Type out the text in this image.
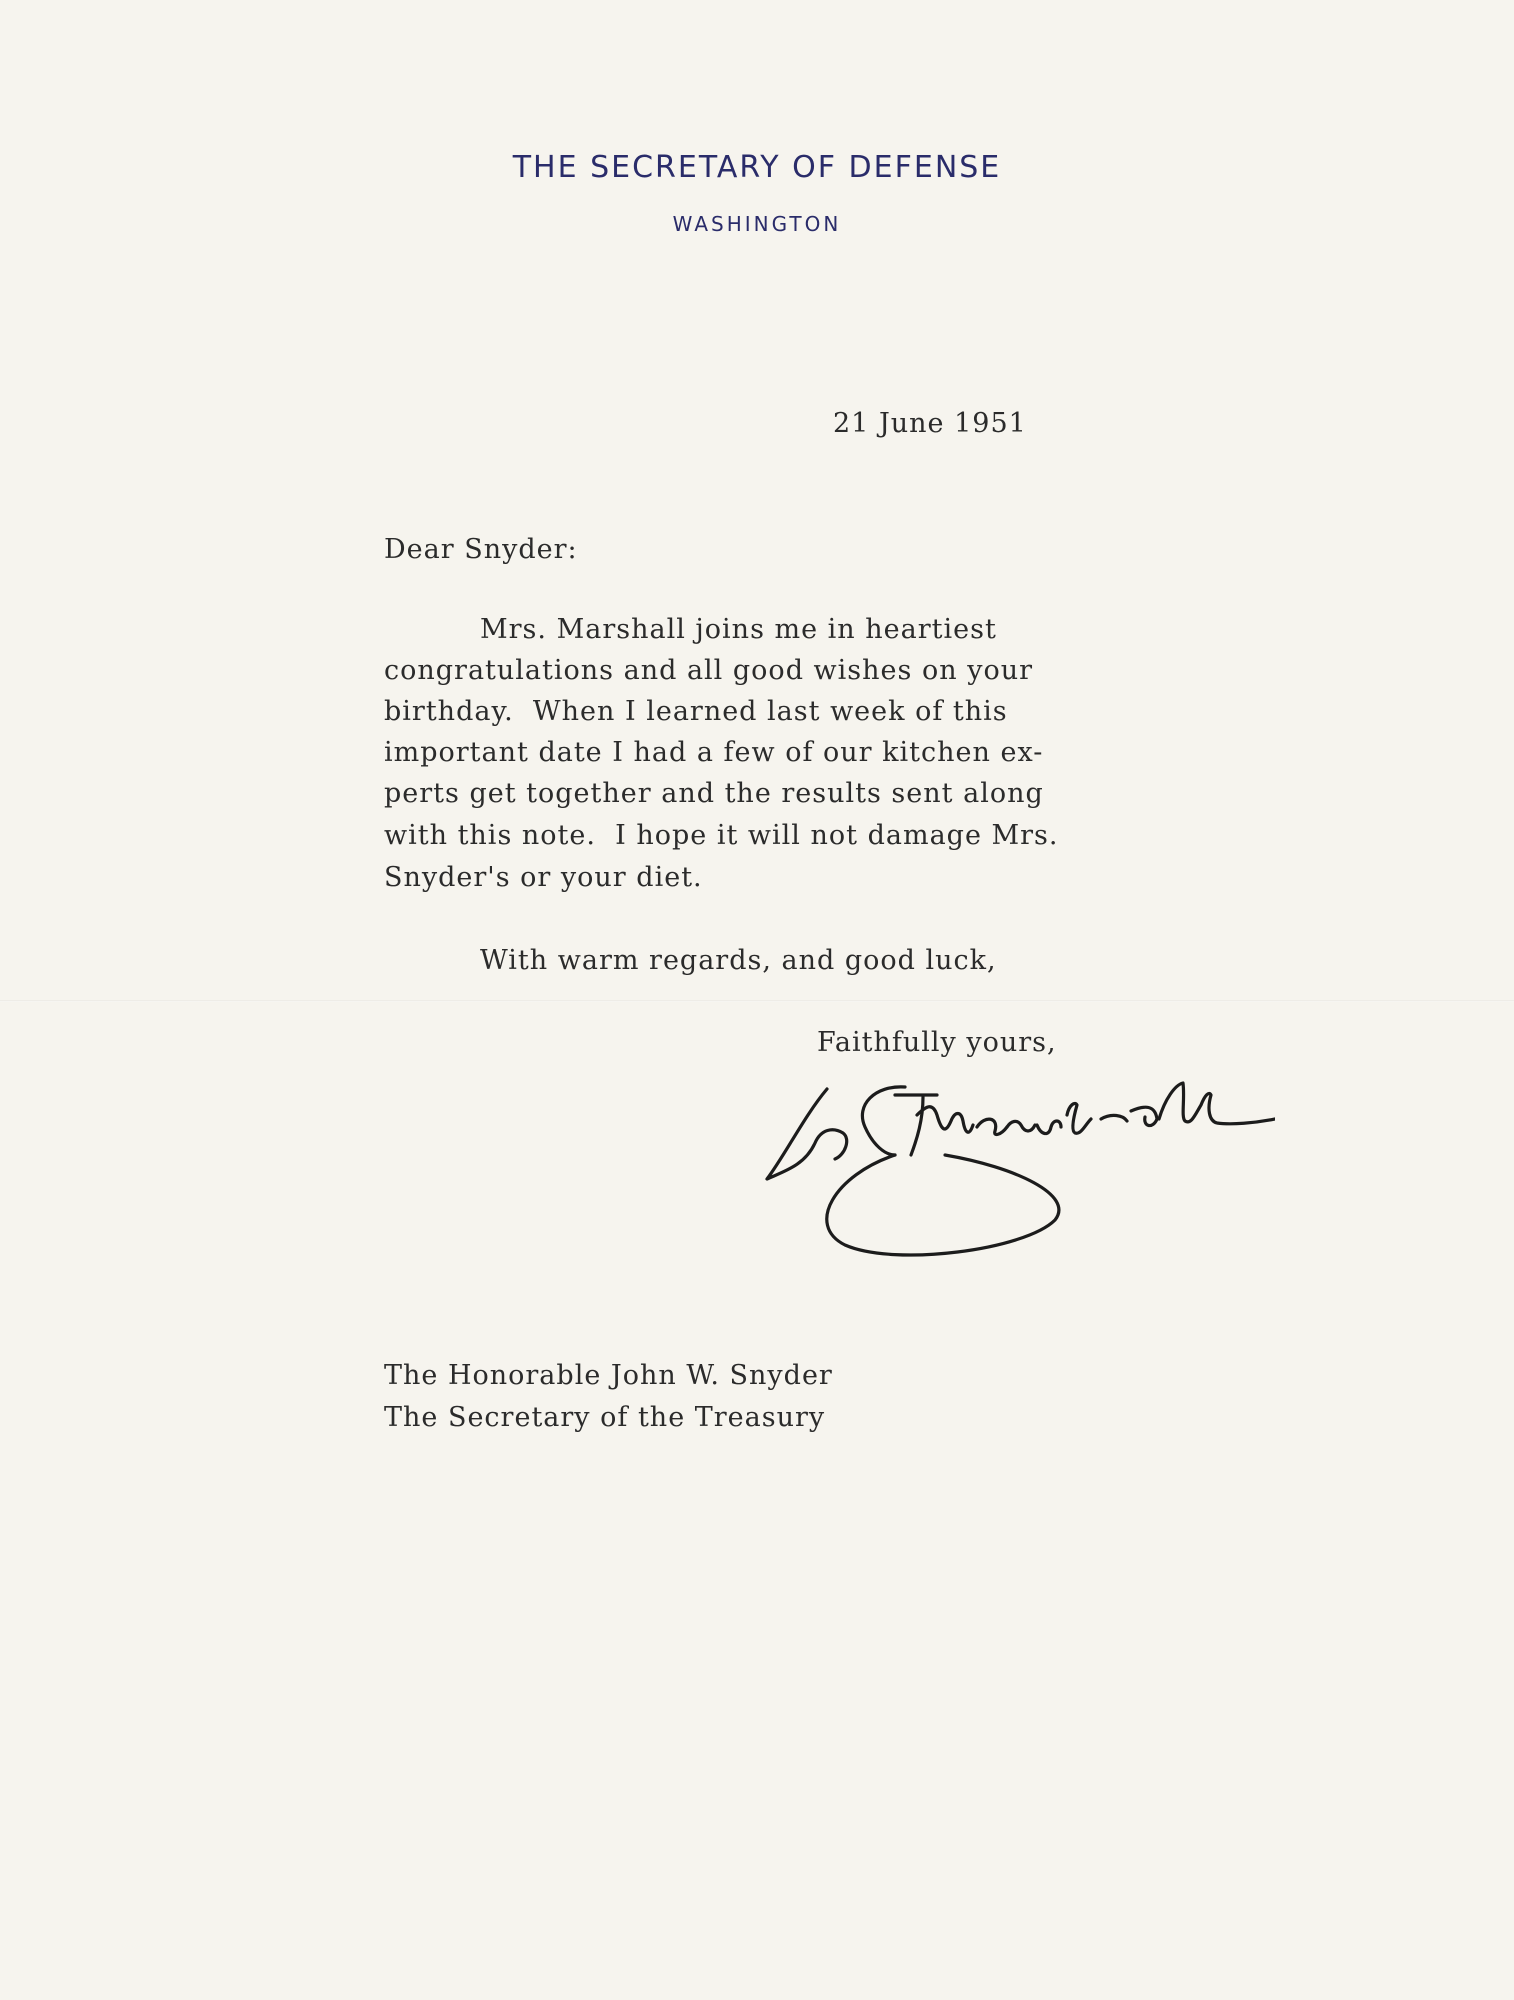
THE SECRETARY OF DEFENSE
WASHINGTON
21 June 1951
Dear Snyder:
Mrs. Marshall joins me in heartiest
congratulations and all good wishes on your
birthday.  When I learned last week of this
important date I had a few of our kitchen ex-
perts get together and the results sent along
with this note.  I hope it will not damage Mrs.
Snyder's or your diet.
With warm regards, and good luck,
Faithfully yours,
The Honorable John W. Snyder
The Secretary of the Treasury
